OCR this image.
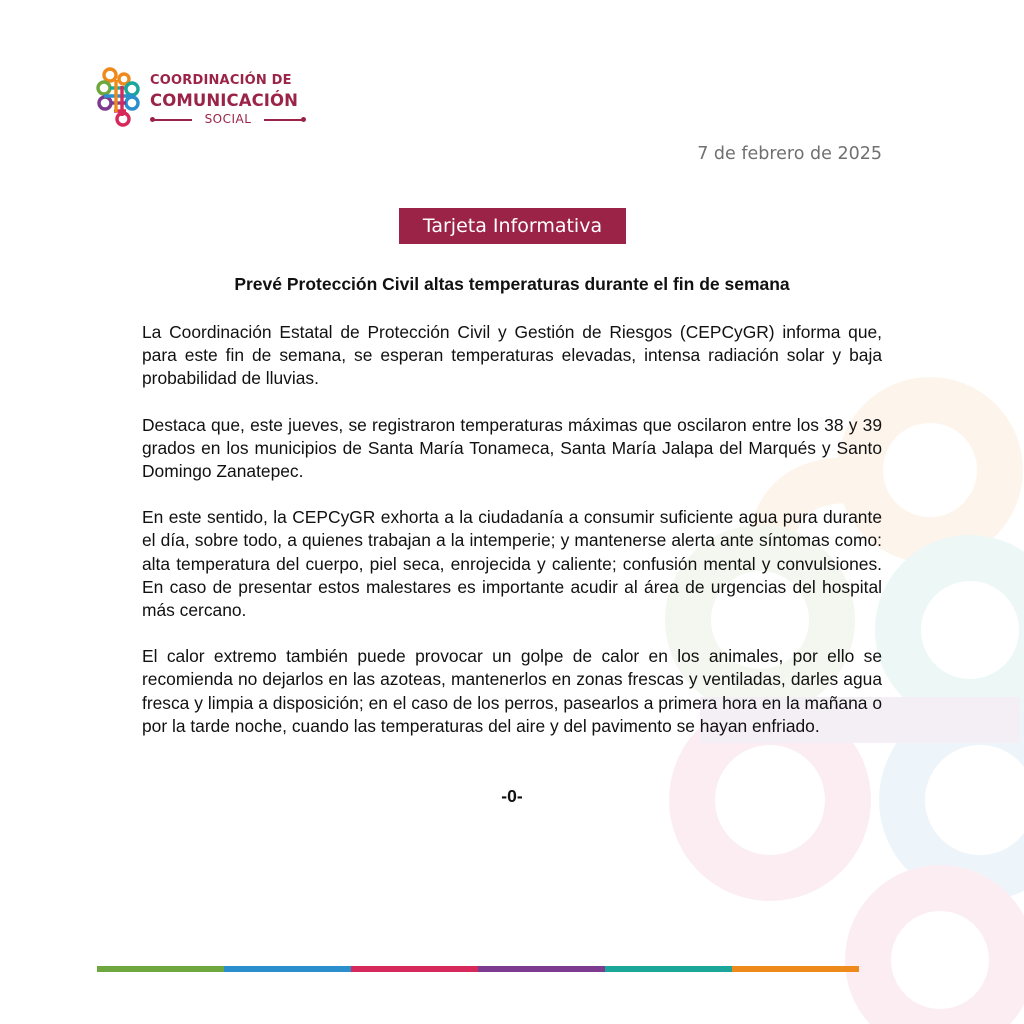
COORDINACIÓN DE
COMUNICACIÓN
SOCIAL
7 de febrero de 2025
Tarjeta Informativa
Prevé Protección Civil altas temperaturas durante el fin de semana

La Coordinación Estatal de Protección Civil y Gestión de Riesgos (CEPCyGR) informa que, para este fin de semana, se esperan temperaturas elevadas, intensa radiación solar y baja probabilidad de lluvias.

Destaca que, este jueves, se registraron temperaturas máximas que oscilaron entre los 38 y 39 grados en los municipios de Santa María Tonameca, Santa María Jalapa del Marqués y Santo Domingo Zanatepec.

En este sentido, la CEPCyGR exhorta a la ciudadanía a consumir suficiente agua pura durante el día, sobre todo, a quienes trabajan a la intemperie; y mantenerse alerta ante síntomas como: alta temperatura del cuerpo, piel seca, enrojecida y caliente; confusión mental y convulsiones. En caso de presentar estos malestares es importante acudir al área de urgencias del hospital más cercano.

El calor extremo también puede provocar un golpe de calor en los animales, por ello se recomienda no dejarlos en las azoteas, mantenerlos en zonas frescas y ventiladas, darles agua fresca y limpia a disposición; en el caso de los perros, pasearlos a primera hora en la mañana o por la tarde noche, cuando las temperaturas del aire y del pavimento se hayan enfriado.

-0-
